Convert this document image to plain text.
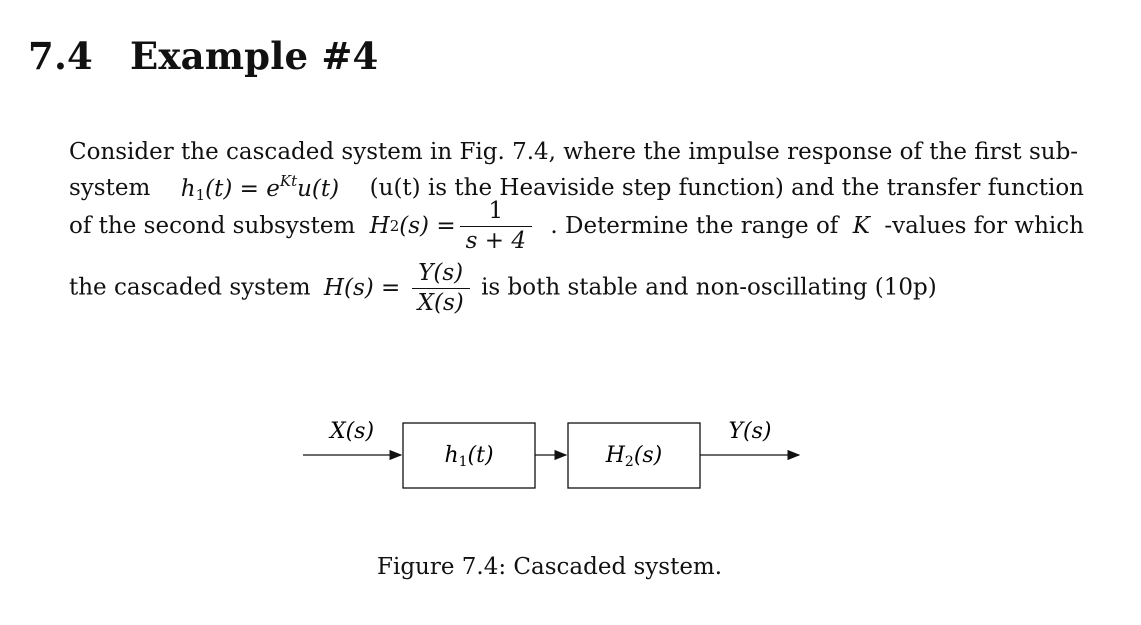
7.4 Example #4
Consider the cascaded system in Fig. 7.4, where the impulse response of the first sub-
system $h_1(t) = e^{Kt}u(t)$ (u(t) is the Heaviside step function) and the transfer function
of the second subsystem H 2 $(s) = \frac{1}{s + 4}$ . Determine the range of K -values for which
the cascaded system $H(s) = \frac{Y(s)}{X(s)}$ is both stable and non-oscillating (10p)
X(s)
h1(t)	H2(s)
Y(s)
Figure 7.4: Cascaded system.
